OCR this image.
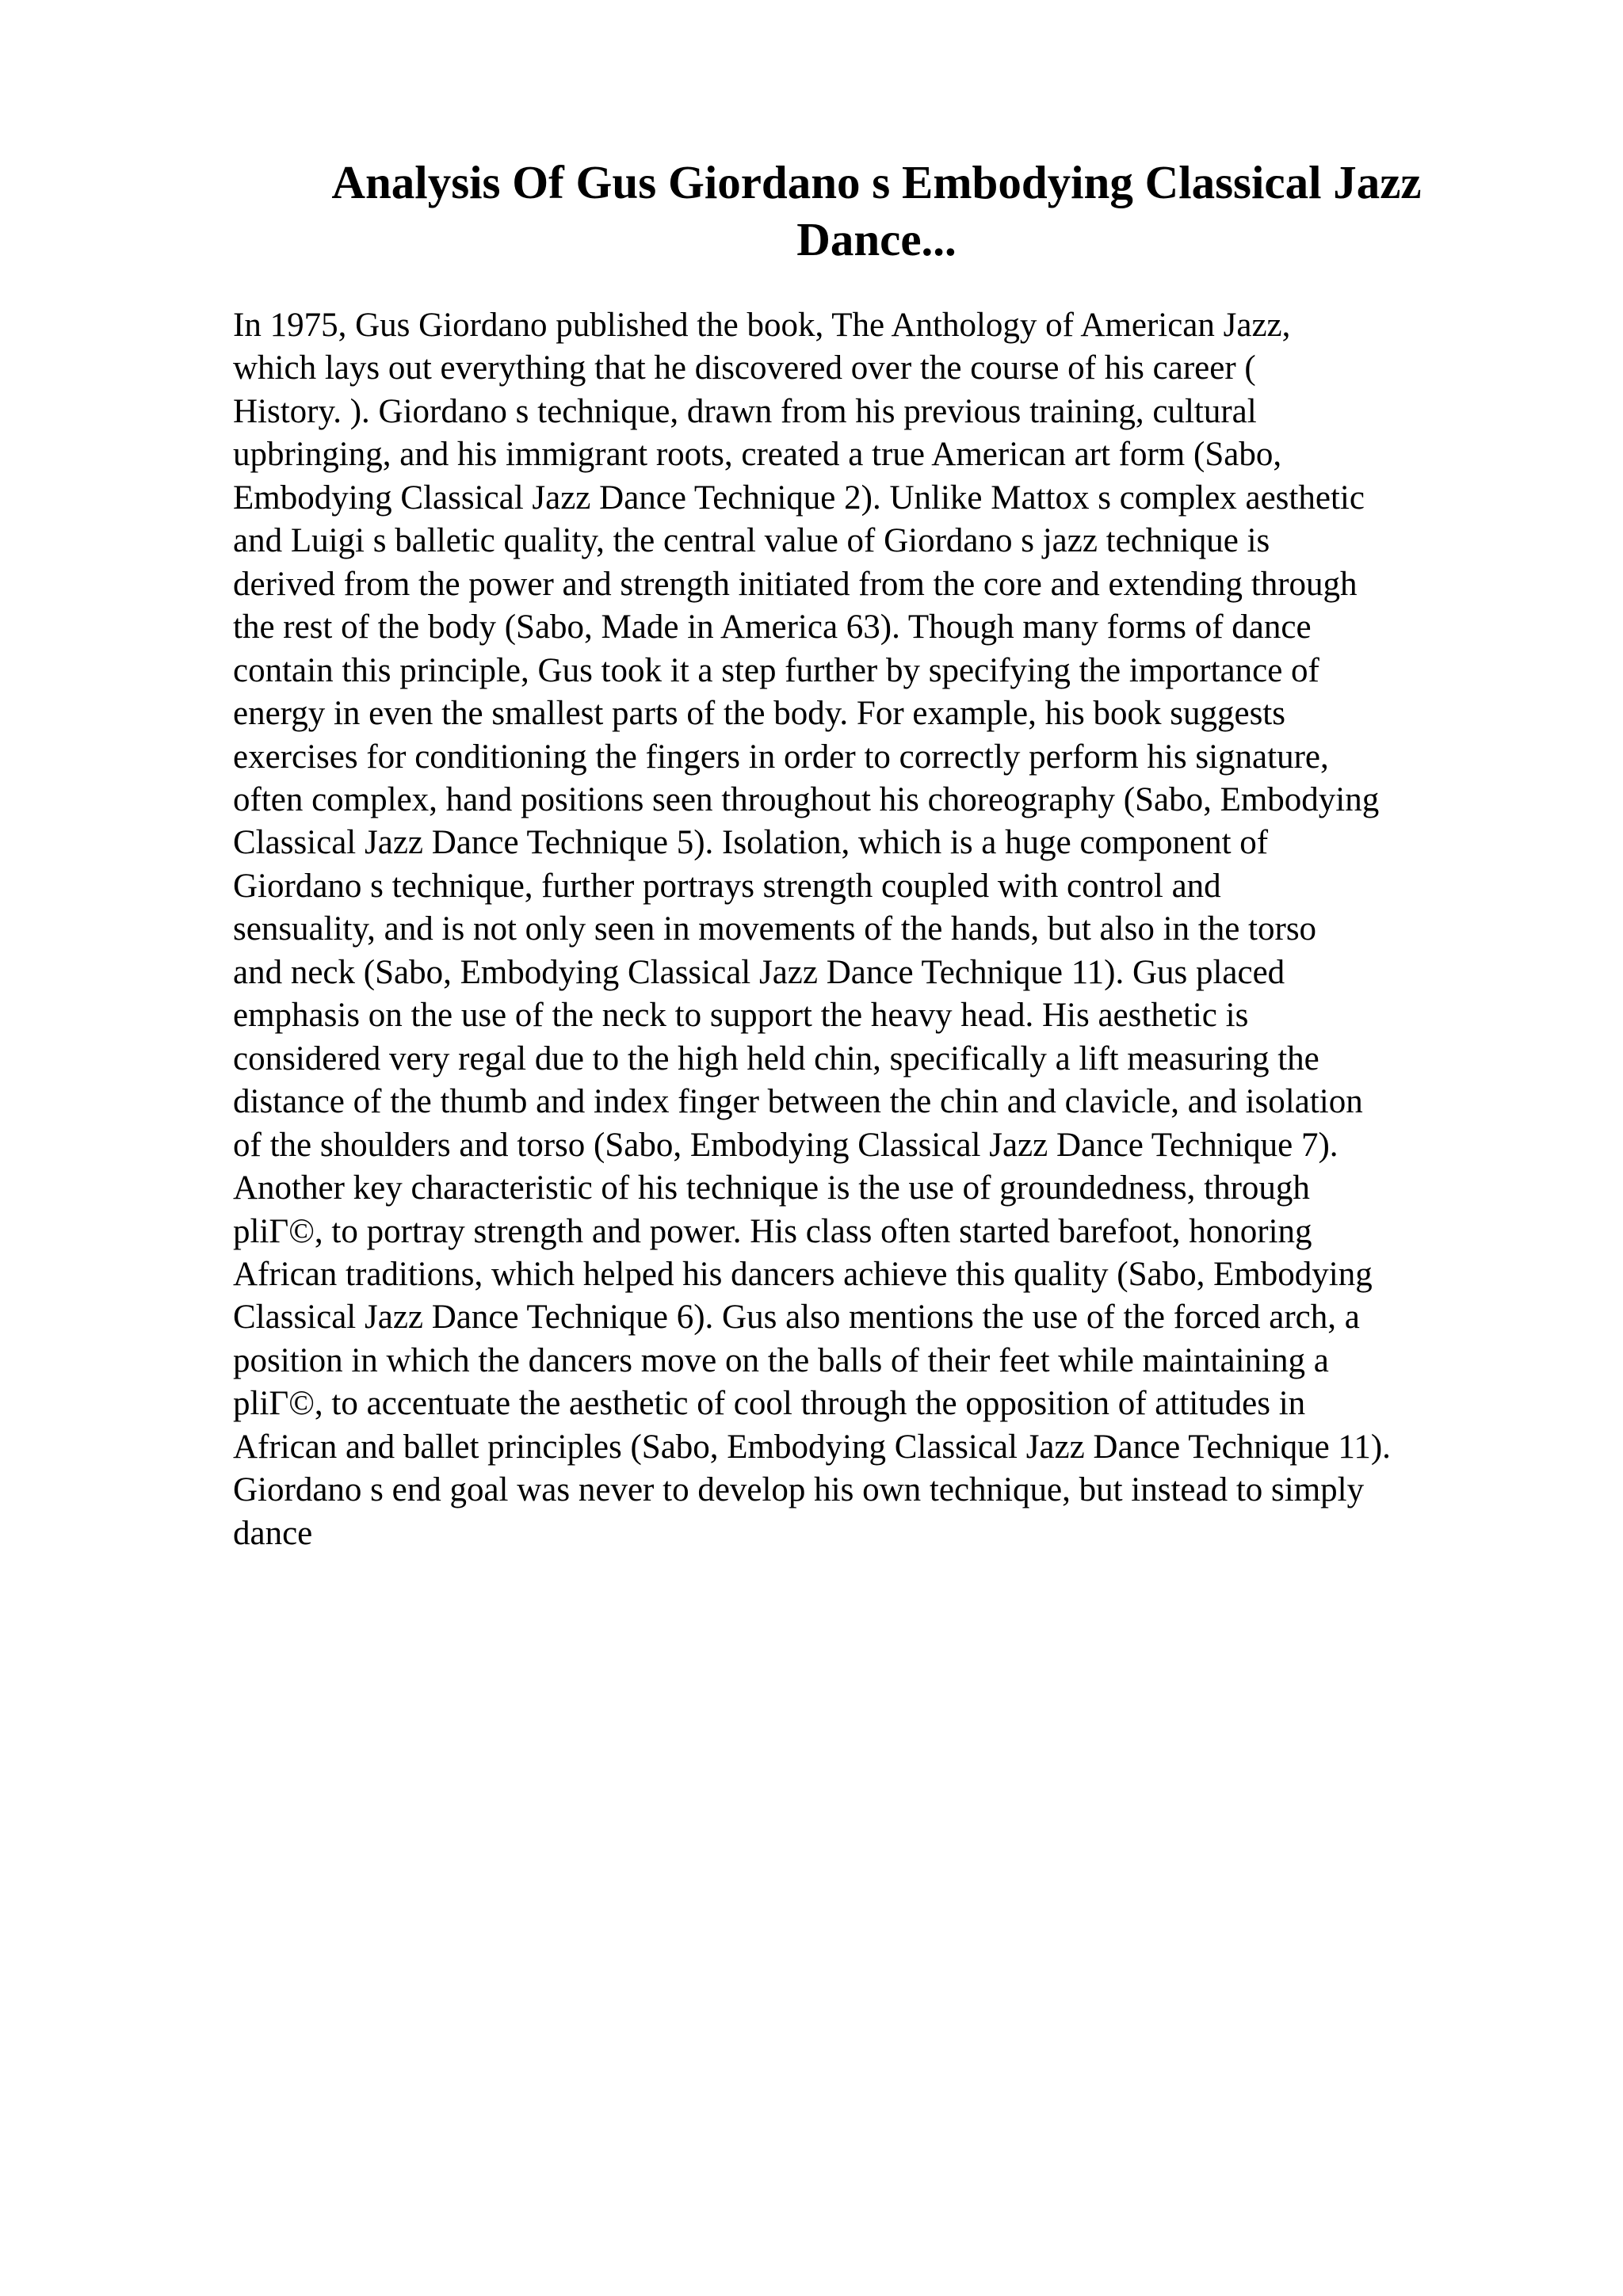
Analysis Of Gus Giordano s Embodying Classical Jazz
Dance...
In 1975, Gus Giordano published the book, The Anthology of American Jazz,
which lays out everything that he discovered over the course of his career (
History. ). Giordano s technique, drawn from his previous training, cultural
upbringing, and his immigrant roots, created a true American art form (Sabo,
Embodying Classical Jazz Dance Technique 2). Unlike Mattox s complex aesthetic
and Luigi s balletic quality, the central value of Giordano s jazz technique is
derived from the power and strength initiated from the core and extending through
the rest of the body (Sabo, Made in America 63). Though many forms of dance
contain this principle, Gus took it a step further by specifying the importance of
energy in even the smallest parts of the body. For example, his book suggests
exercises for conditioning the fingers in order to correctly perform his signature,
often complex, hand positions seen throughout his choreography (Sabo, Embodying
Classical Jazz Dance Technique 5). Isolation, which is a huge component of
Giordano s technique, further portrays strength coupled with control and
sensuality, and is not only seen in movements of the hands, but also in the torso
and neck (Sabo, Embodying Classical Jazz Dance Technique 11). Gus placed
emphasis on the use of the neck to support the heavy head. His aesthetic is
considered very regal due to the high held chin, specifically a lift measuring the
distance of the thumb and index finger between the chin and clavicle, and isolation
of the shoulders and torso (Sabo, Embodying Classical Jazz Dance Technique 7).
Another key characteristic of his technique is the use of groundedness, through
pliГ©, to portray strength and power. His class often started barefoot, honoring
African traditions, which helped his dancers achieve this quality (Sabo, Embodying
Classical Jazz Dance Technique 6). Gus also mentions the use of the forced arch, a
position in which the dancers move on the balls of their feet while maintaining a
pliГ©, to accentuate the aesthetic of cool through the opposition of attitudes in
African and ballet principles (Sabo, Embodying Classical Jazz Dance Technique 11).
Giordano s end goal was never to develop his own technique, but instead to simply
dance
